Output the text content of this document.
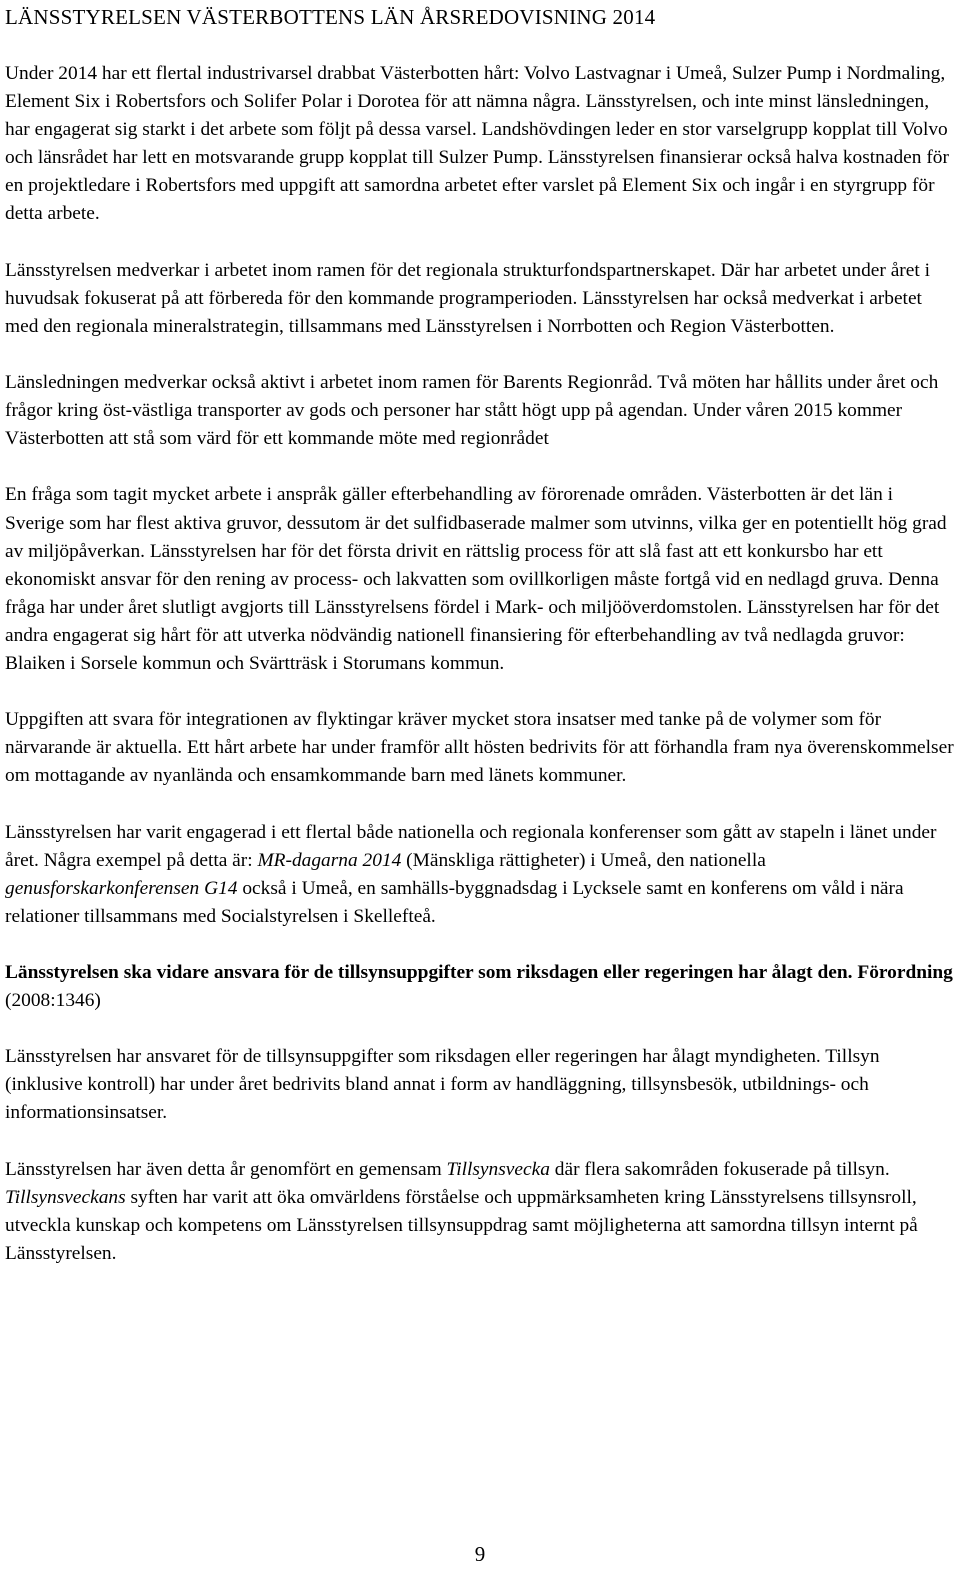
LÄNSSTYRELSEN VÄSTERBOTTENS LÄN ÅRSREDOVISNING 2014

Under 2014 har ett flertal industrivarsel drabbat Västerbotten hårt: Volvo Lastvagnar i Umeå, Sulzer Pump i Nordmaling, Element Six i Robertsfors och Solifer Polar i Dorotea för att nämna några. Länsstyrelsen, och inte minst länsledningen, har engagerat sig starkt i det arbete som följt på dessa varsel. Landshövdingen leder en stor varselgrupp kopplat till Volvo och länsrådet har lett en motsvarande grupp kopplat till Sulzer Pump. Länsstyrelsen finansierar också halva kostnaden för en projektledare i Robertsfors med uppgift att samordna arbetet efter varslet på Element Six och ingår i en styrgrupp för detta arbete.

Länsstyrelsen medverkar i arbetet inom ramen för det regionala strukturfondspartnerskapet. Där har arbetet under året i huvudsak fokuserat på att förbereda för den kommande programperioden. Länsstyrelsen har också medverkat i arbetet med den regionala mineralstrategin, tillsammans med Länsstyrelsen i Norrbotten och Region Västerbotten.

Länsledningen medverkar också aktivt i arbetet inom ramen för Barents Regionråd. Två möten har hållits under året och frågor kring öst-västliga transporter av gods och personer har stått högt upp på agendan. Under våren 2015 kommer Västerbotten att stå som värd för ett kommande möte med regionrådet

En fråga som tagit mycket arbete i anspråk gäller efterbehandling av förorenade områden. Västerbotten är det län i Sverige som har flest aktiva gruvor, dessutom är det sulfidbaserade malmer som utvinns, vilka ger en potentiellt hög grad av miljöpåverkan. Länsstyrelsen har för det första drivit en rättslig process för att slå fast att ett konkursbo har ett ekonomiskt ansvar för den rening av process- och lakvatten som ovillkorligen måste fortgå vid en nedlagd gruva. Denna fråga har under året slutligt avgjorts till Länsstyrelsens fördel i Mark- och miljööverdomstolen. Länsstyrelsen har för det andra engagerat sig hårt för att utverka nödvändig nationell finansiering för efterbehandling av två nedlagda gruvor: Blaiken i Sorsele kommun och Svärtträsk i Storumans kommun.

Uppgiften att svara för integrationen av flyktingar kräver mycket stora insatser med tanke på de volymer som för närvarande är aktuella. Ett hårt arbete har under framför allt hösten bedrivits för att förhandla fram nya överenskommelser om mottagande av nyanlända och ensamkommande barn med länets kommuner.

Länsstyrelsen har varit engagerad i ett flertal både nationella och regionala konferenser som gått av stapeln i länet under året. Några exempel på detta är: MR-dagarna 2014 (Mänskliga rättigheter) i Umeå, den nationella genusforskarkonferensen G14 också i Umeå, en samhälls-byggnadsdag i Lycksele samt en konferens om våld i nära relationer tillsammans med Socialstyrelsen i Skellefteå.

Länsstyrelsen ska vidare ansvara för de tillsynsuppgifter som riksdagen eller regeringen har ålagt den. Förordning (2008:1346)

Länsstyrelsen har ansvaret för de tillsynsuppgifter som riksdagen eller regeringen har ålagt myndigheten. Tillsyn (inklusive kontroll) har under året bedrivits bland annat i form av handläggning, tillsynsbesök, utbildnings- och informationsinsatser.

Länsstyrelsen har även detta år genomfört en gemensam Tillsynsvecka där flera sakområden fokuserade på tillsyn. Tillsynsveckans syften har varit att öka omvärldens förståelse och uppmärksamheten kring Länsstyrelsens tillsynsroll, utveckla kunskap och kompetens om Länsstyrelsen tillsynsuppdrag samt möjligheterna att samordna tillsyn internt på Länsstyrelsen.

9
